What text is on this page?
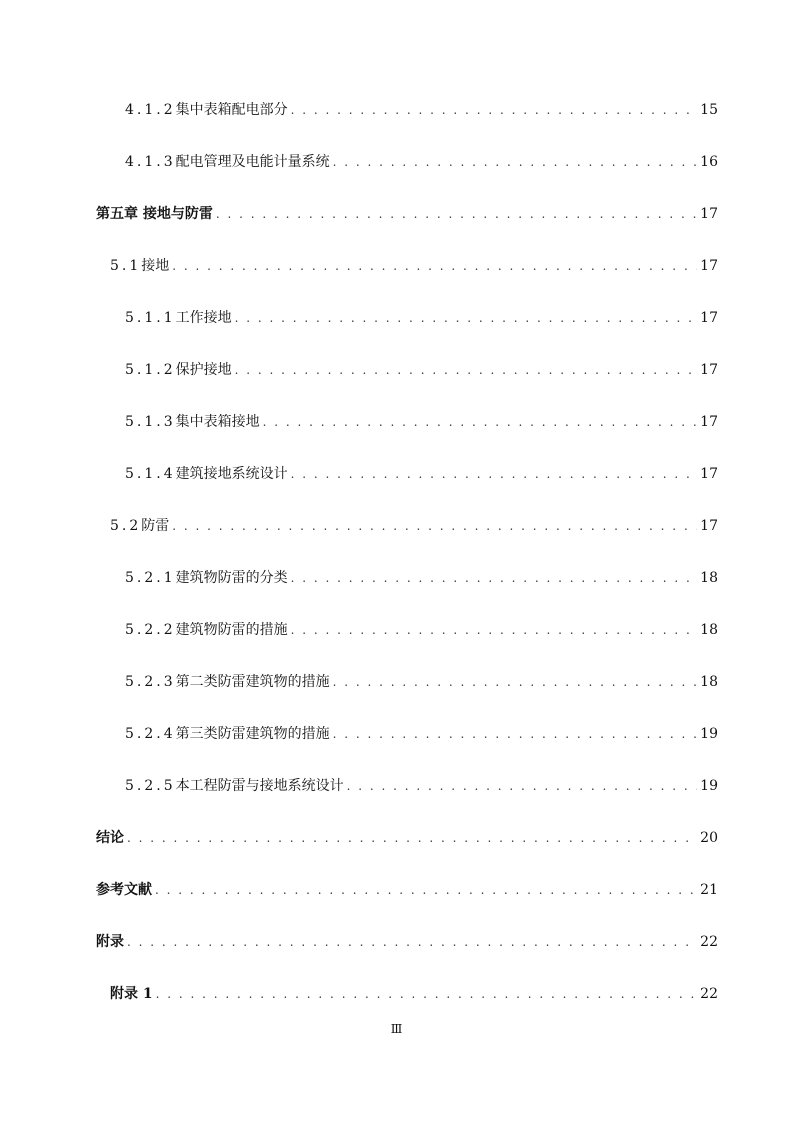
4.1.2集中表箱配电部分 . . .	15
4.1.3配电管理及电能计量系统 . . .	16
第五章 接地与防雷 . . .	17
5.1接地 . . .	17
5.1.1工作接地 . . .	17
5.1.2保护接地 . . .	17
5.1.3集中表箱接地 . . .	17
5.1.4建筑接地系统设计 . . .	17
5.2防雷 . . .	17
5.2.1建筑物防雷的分类 . . .	18
5.2.2建筑物防雷的措施 . . .	18
5.2.3第二类防雷建筑物的措施 . . .	18
5.2.4第三类防雷建筑物的措施 . . .	19
5.2.5本工程防雷与接地系统设计 . . .	19
结论 . . .	20
参考文献 . . .	21
附录 . . .	22
附录 1 . . .	22
Ⅲ
